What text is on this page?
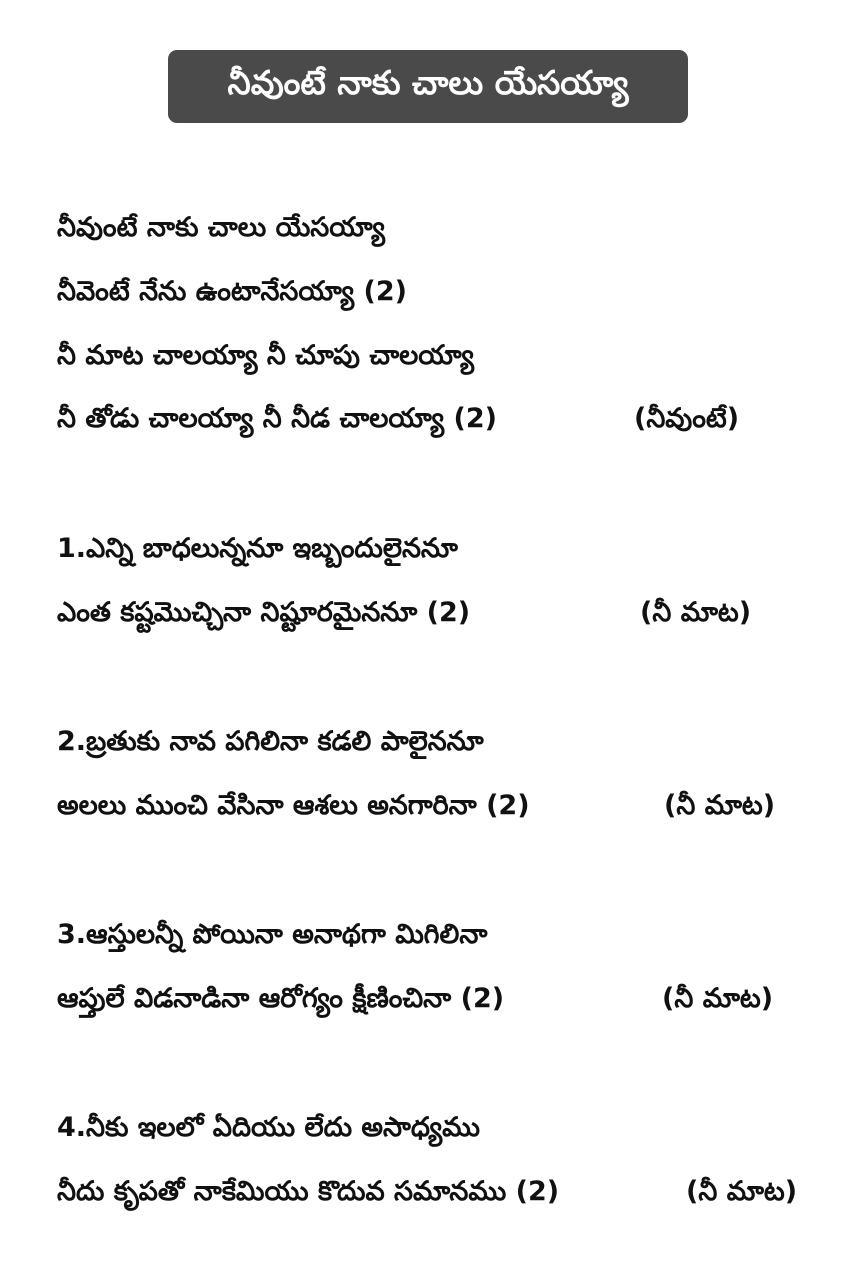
నీవుంటే నాకు చాలు యేసయ్యా
నీవుంటే నాకు చాలు యేసయ్యా
నీవెంటే నేను ఉంటానేసయ్యా (2)
నీ మాట చాలయ్యా నీ చూపు చాలయ్యా
నీ తోడు చాలయ్యా నీ నీడ చాలయ్యా (2)	(నీవుంటే)
1.ఎన్ని బాధలున్ననూ ఇబ్బందులైననూ
ఎంత కష్టమొచ్చినా నిష్టూరమైననూ (2)	(నీ మాట)
2.బ్రతుకు నావ పగిలినా కడలి పాలైననూ
అలలు ముంచి వేసినా ఆశలు అనగారినా (2)	(నీ మాట)
3.ఆస్తులన్నీ పోయినా అనాథగా మిగిలినా
ఆప్తులే విడనాడినా ఆరోగ్యం క్షీణించినా (2)	(నీ మాట)
4.నీకు ఇలలో ఏదియు లేదు అసాధ్యము
నీదు కృపతో నాకేమియు కొదువ సమానము (2)	(నీ మాట)
